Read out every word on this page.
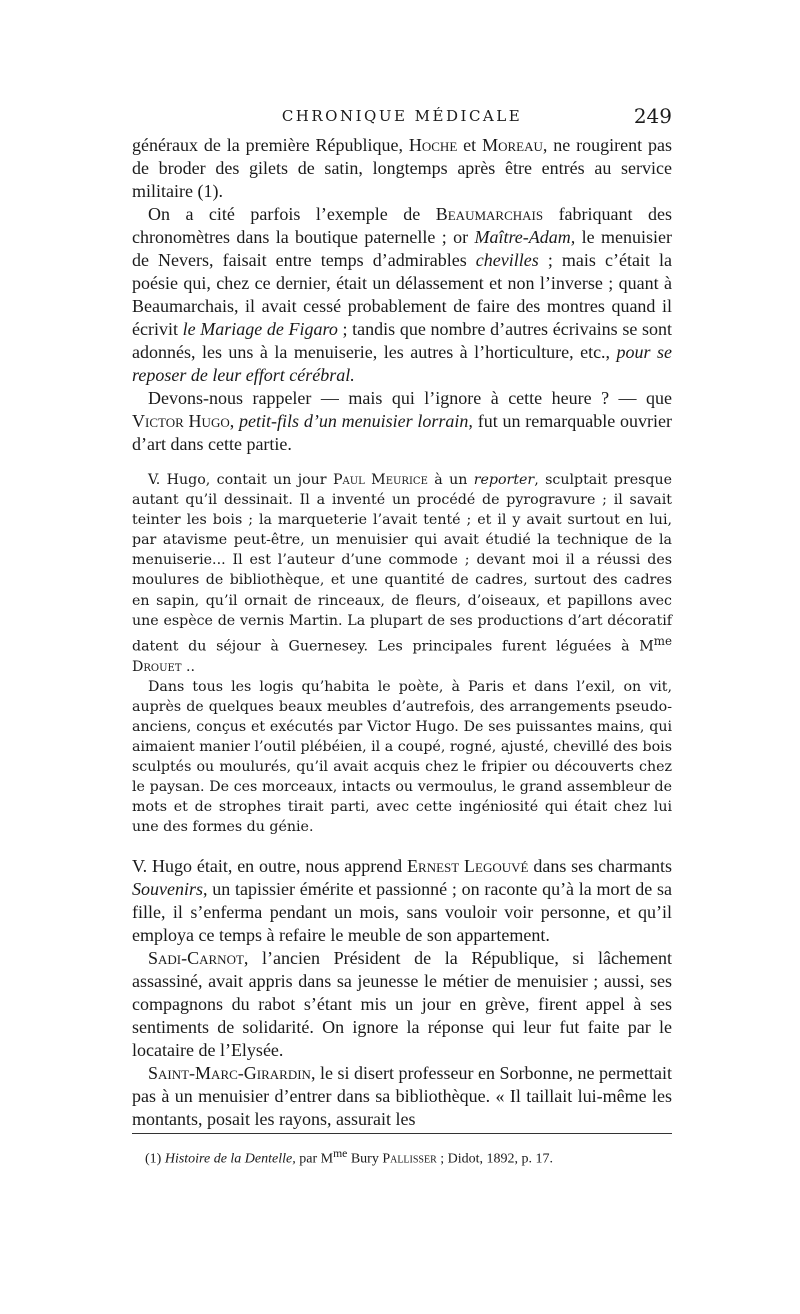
CHRONIQUE MÉDICALE	249

généraux de la première République, Hoche et Moreau, ne rougirent pas de broder des gilets de satin, longtemps après être entrés au service militaire (1).

On a cité parfois l’exemple de Beaumarchais fabriquant des chronomètres dans la boutique paternelle ; or Maître-Adam, le menuisier de Nevers, faisait entre temps d’admirables chevilles ; mais c’était la poésie qui, chez ce dernier, était un délassement et non l’inverse ; quant à Beaumarchais, il avait cessé probablement de faire des montres quand il écrivit le Mariage de Figaro ; tandis que nombre d’autres écrivains se sont adonnés, les uns à la menuiserie, les autres à l’horticulture, etc., pour se reposer de leur effort cérébral.

Devons-nous rappeler — mais qui l’ignore à cette heure ? — que Victor Hugo, petit-fils d’un menuisier lorrain, fut un remarquable ouvrier d’art dans cette partie.

V. Hugo, contait un jour Paul Meurice à un reporter, sculptait presque autant qu’il dessinait. Il a inventé un procédé de pyrogravure ; il savait teinter les bois ; la marqueterie l’avait tenté ; et il y avait surtout en lui, par atavisme peut-être, un menuisier qui avait étudié la technique de la menuiserie... Il est l’auteur d’une commode ; devant moi il a réussi des moulures de bibliothèque, et une quantité de cadres, surtout des cadres en sapin, qu’il ornait de rinceaux, de fleurs, d’oiseaux, et papillons avec une espèce de vernis Martin. La plupart de ses productions d’art décoratif datent du séjour à Guernesey. Les principales furent léguées à $M^{me}$ Drouet ..

Dans tous les logis qu’habita le poète, à Paris et dans l’exil, on vit, auprès de quelques beaux meubles d’autrefois, des arrangements pseudo-anciens, conçus et exécutés par Victor Hugo. De ses puissantes mains, qui aimaient manier l’outil plébéien, il a coupé, rogné, ajusté, chevillé des bois sculptés ou moulurés, qu’il avait acquis chez le fripier ou découverts chez le paysan. De ces morceaux, intacts ou vermoulus, le grand assembleur de mots et de strophes tirait parti, avec cette ingéniosité qui était chez lui une des formes du génie.

V. Hugo était, en outre, nous apprend Ernest Legouvé dans ses charmants Souvenirs, un tapissier émérite et passionné ; on raconte qu’à la mort de sa fille, il s’enferma pendant un mois, sans vouloir voir personne, et qu’il employa ce temps à refaire le meuble de son appartement.

Sadi-Carnot, l’ancien Président de la République, si lâchement assassiné, avait appris dans sa jeunesse le métier de menuisier ; aussi, ses compagnons du rabot s’étant mis un jour en grève, firent appel à ses sentiments de solidarité. On ignore la réponse qui leur fut faite par le locataire de l’Elysée.

Saint-Marc-Girardin, le si disert professeur en Sorbonne, ne permettait pas à un menuisier d’entrer dans sa bibliothèque. « Il taillait lui-même les montants, posait les rayons, assurait les

(1) Histoire de la Dentelle, par $M^{me}$ Bury Pallisser ; Didot, 1892, p. 17.
